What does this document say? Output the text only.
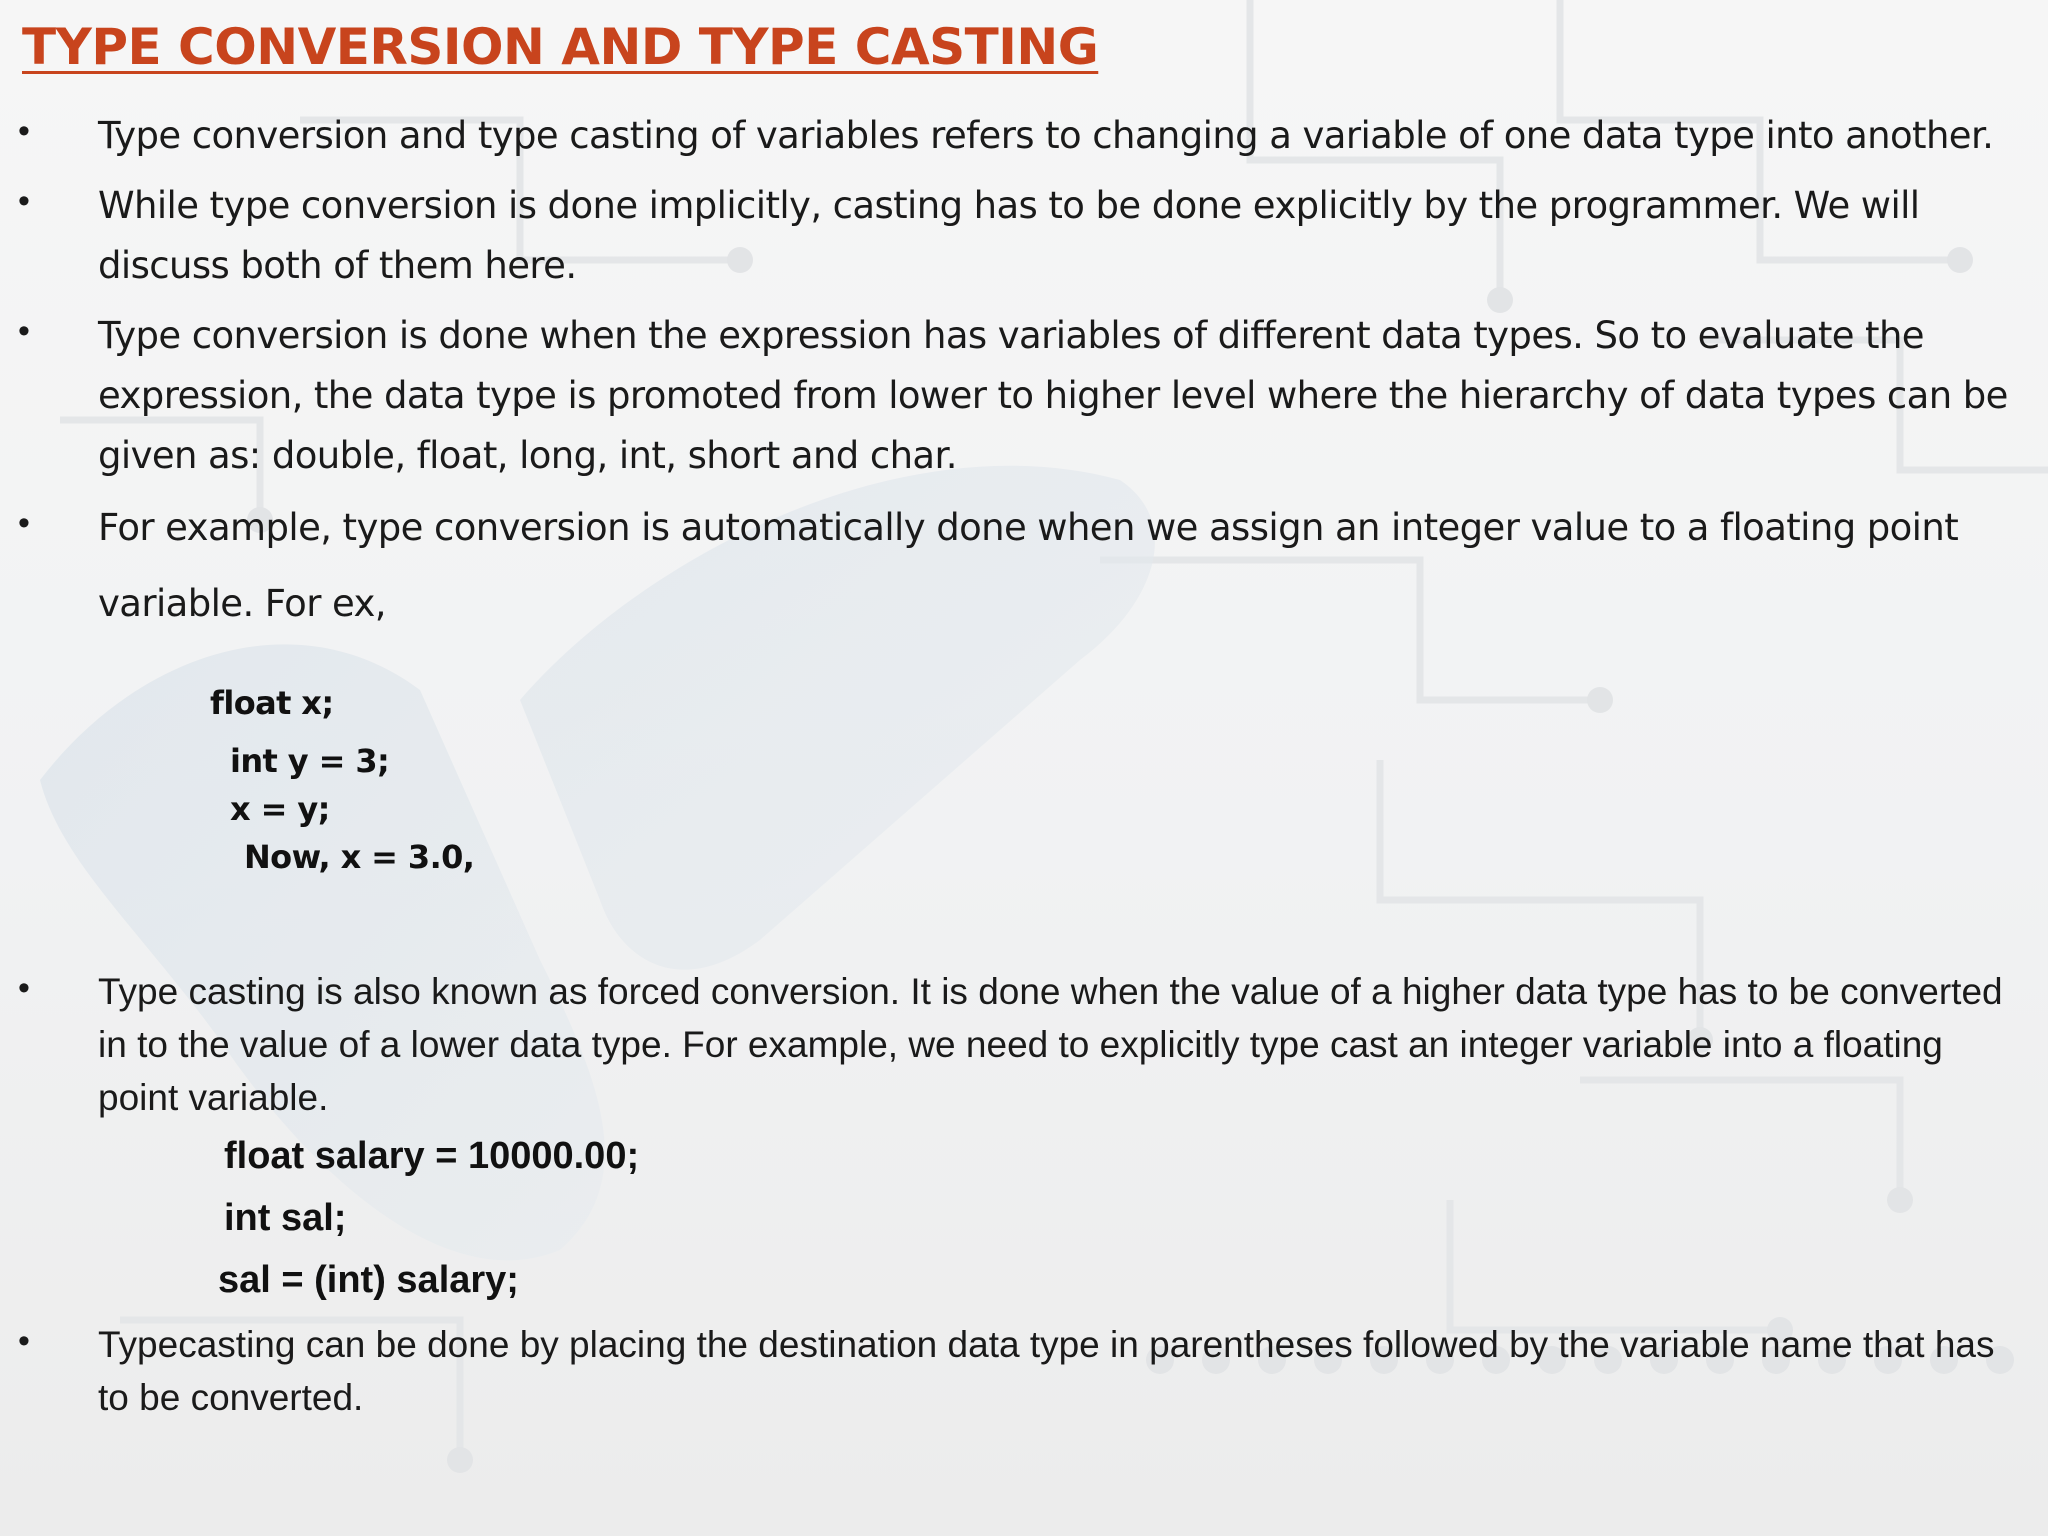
TYPE CONVERSION AND TYPE CASTING
• Type conversion and type casting of variables refers to changing a variable of one data type into another.
• While type conversion is done implicitly, casting has to be done explicitly by the programmer. We will discuss both of them here.
• Type conversion is done when the expression has variables of different data types. So to evaluate the expression, the data type is promoted from lower to higher level where the hierarchy of data types can be given as: double, float, long, int, short and char.
• For example, type conversion is automatically done when we assign an integer value to a floating point
variable. For ex,
float x;
int y = 3;
x = y;
Now, x = 3.0,
• Type casting is also known as forced conversion. It is done when the value of a higher data type has to be converted in to the value of a lower data type. For example, we need to explicitly type cast an integer variable into a floating point variable.
float salary = 10000.00;
int sal;
sal = (int) salary;
• Typecasting can be done by placing the destination data type in parentheses followed by the variable name that has to be converted.
